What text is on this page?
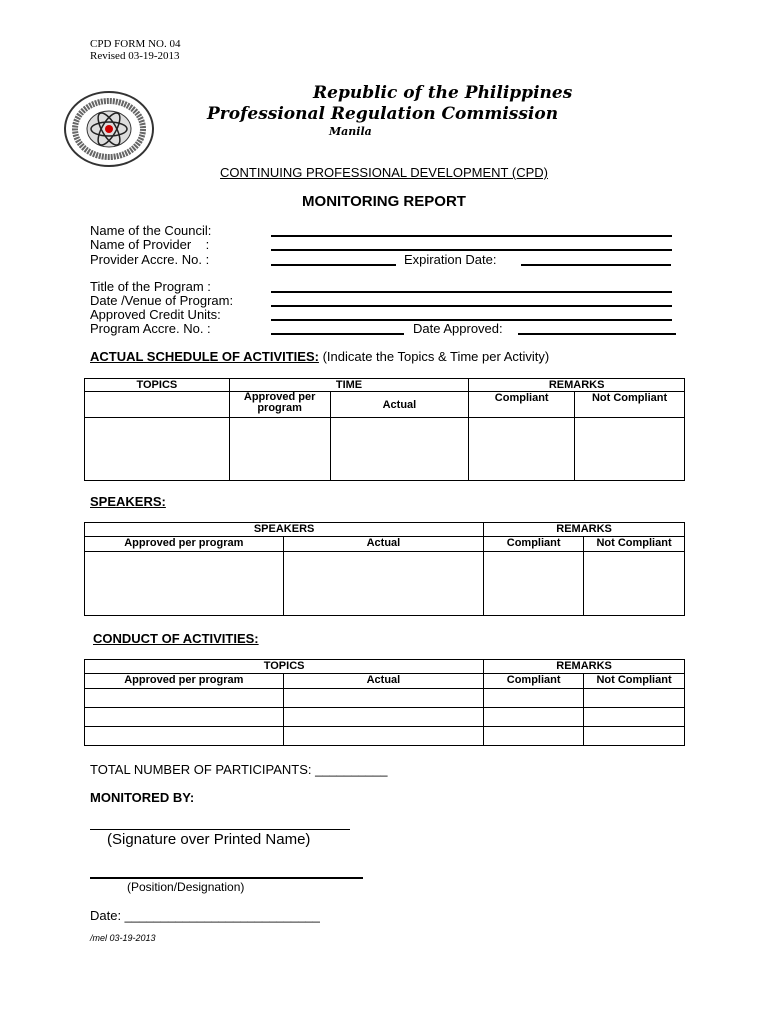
CPD FORM NO. 04
Revised 03-19-2013
Republic of the Philippines
Professional Regulation Commission
Manila
CONTINUING PROFESSIONAL DEVELOPMENT (CPD)
MONITORING REPORT
Name of the Council:
Name of Provider    :
Provider Accre. No. :	Expiration Date:
Title of the Program :
Date /Venue of Program:
Approved Credit Units:
Program Accre. No. :	Date Approved:
ACTUAL SCHEDULE OF ACTIVITIES: (Indicate the Topics & Time per Activity)
TOPICS	TIME		REMARKS	
	Approved per program	Actual	Compliant	Not Compliant

SPEAKERS:
SPEAKERS		REMARKS	
Approved per program	Actual	Compliant	Not Compliant

CONDUCT OF ACTIVITIES:
TOPICS		REMARKS	
Approved per program	Actual	Compliant	Not Compliant

TOTAL NUMBER OF PARTICIPANTS: __________
MONITORED BY:
(Signature over Printed Name)
(Position/Designation)
Date: ___________________________
/mel 03-19-2013
